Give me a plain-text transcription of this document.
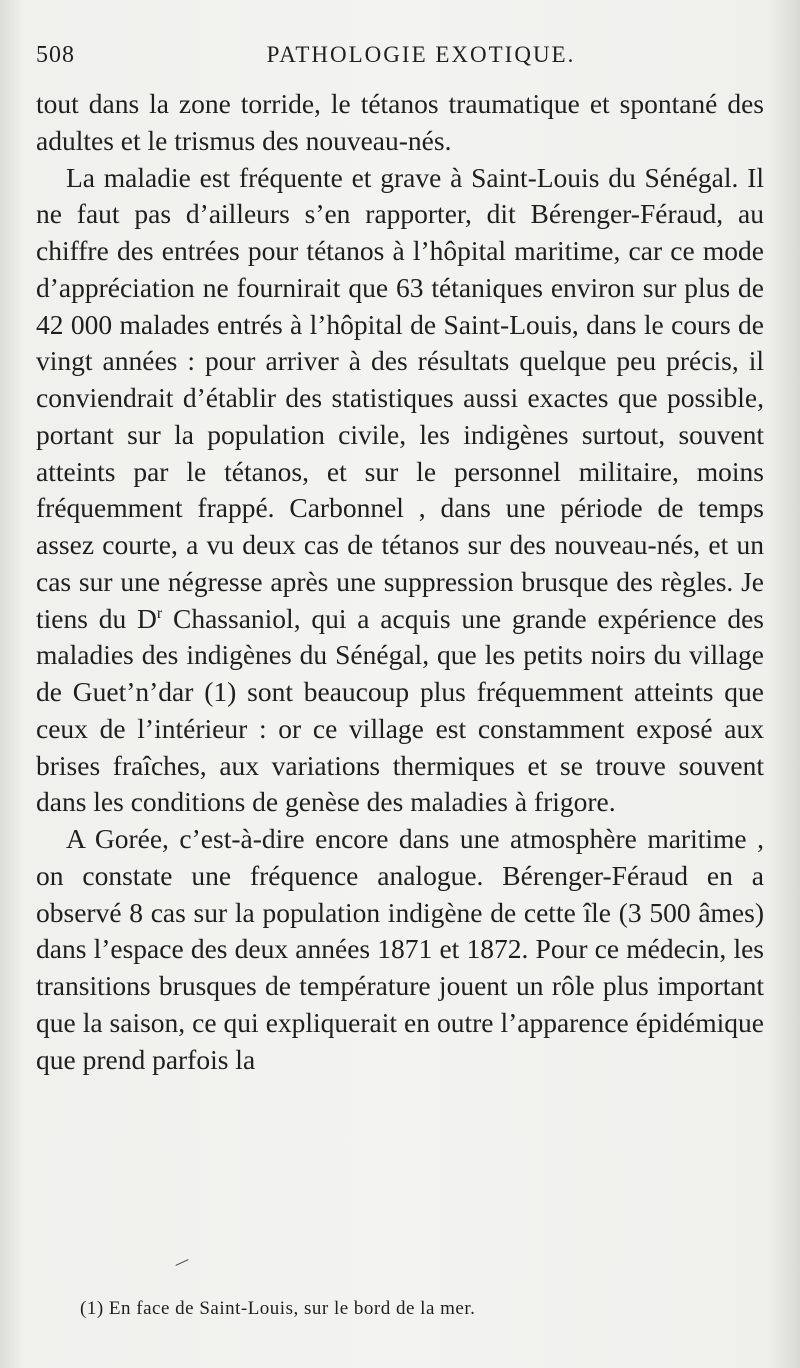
508	PATHOLOGIE EXOTIQUE.

tout dans la zone torride, le tétanos traumatique et spontané des adultes et le trismus des nouveau-nés.

La maladie est fréquente et grave à Saint-Louis du Sénégal. Il ne faut pas d’ailleurs s’en rapporter, dit Bérenger-Féraud, au chiffre des entrées pour tétanos à l’hôpital maritime, car ce mode d’appréciation ne fournirait que 63 tétaniques environ sur plus de 42 000 malades entrés à l’hôpital de Saint-Louis, dans le cours de vingt années : pour arriver à des résultats quelque peu précis, il conviendrait d’établir des statistiques aussi exactes que possible, portant sur la population civile, les indigènes surtout, souvent atteints par le tétanos, et sur le personnel militaire, moins fréquemment frappé. Carbonnel , dans une période de temps assez courte, a vu deux cas de tétanos sur des nouveau-nés, et un cas sur une négresse après une suppression brusque des règles. Je tiens du $D^r$ Chassaniol, qui a acquis une grande expérience des maladies des indigènes du Sénégal, que les petits noirs du village de Guet’n’dar (1) sont beaucoup plus fréquemment atteints que ceux de l’intérieur : or ce village est constamment exposé aux brises fraîches, aux variations thermiques et se trouve souvent dans les conditions de genèse des maladies à frigore.

A Gorée, c’est-à-dire encore dans une atmosphère maritime , on constate une fréquence analogue. Bérenger-Féraud en a observé 8 cas sur la population indigène de cette île (3 500 âmes) dans l’espace des deux années 1871 et 1872. Pour ce médecin, les transitions brusques de température jouent un rôle plus important que la saison, ce qui expliquerait en outre l’apparence épidémique que prend parfois la

(1) En face de Saint-Louis, sur le bord de la mer.
